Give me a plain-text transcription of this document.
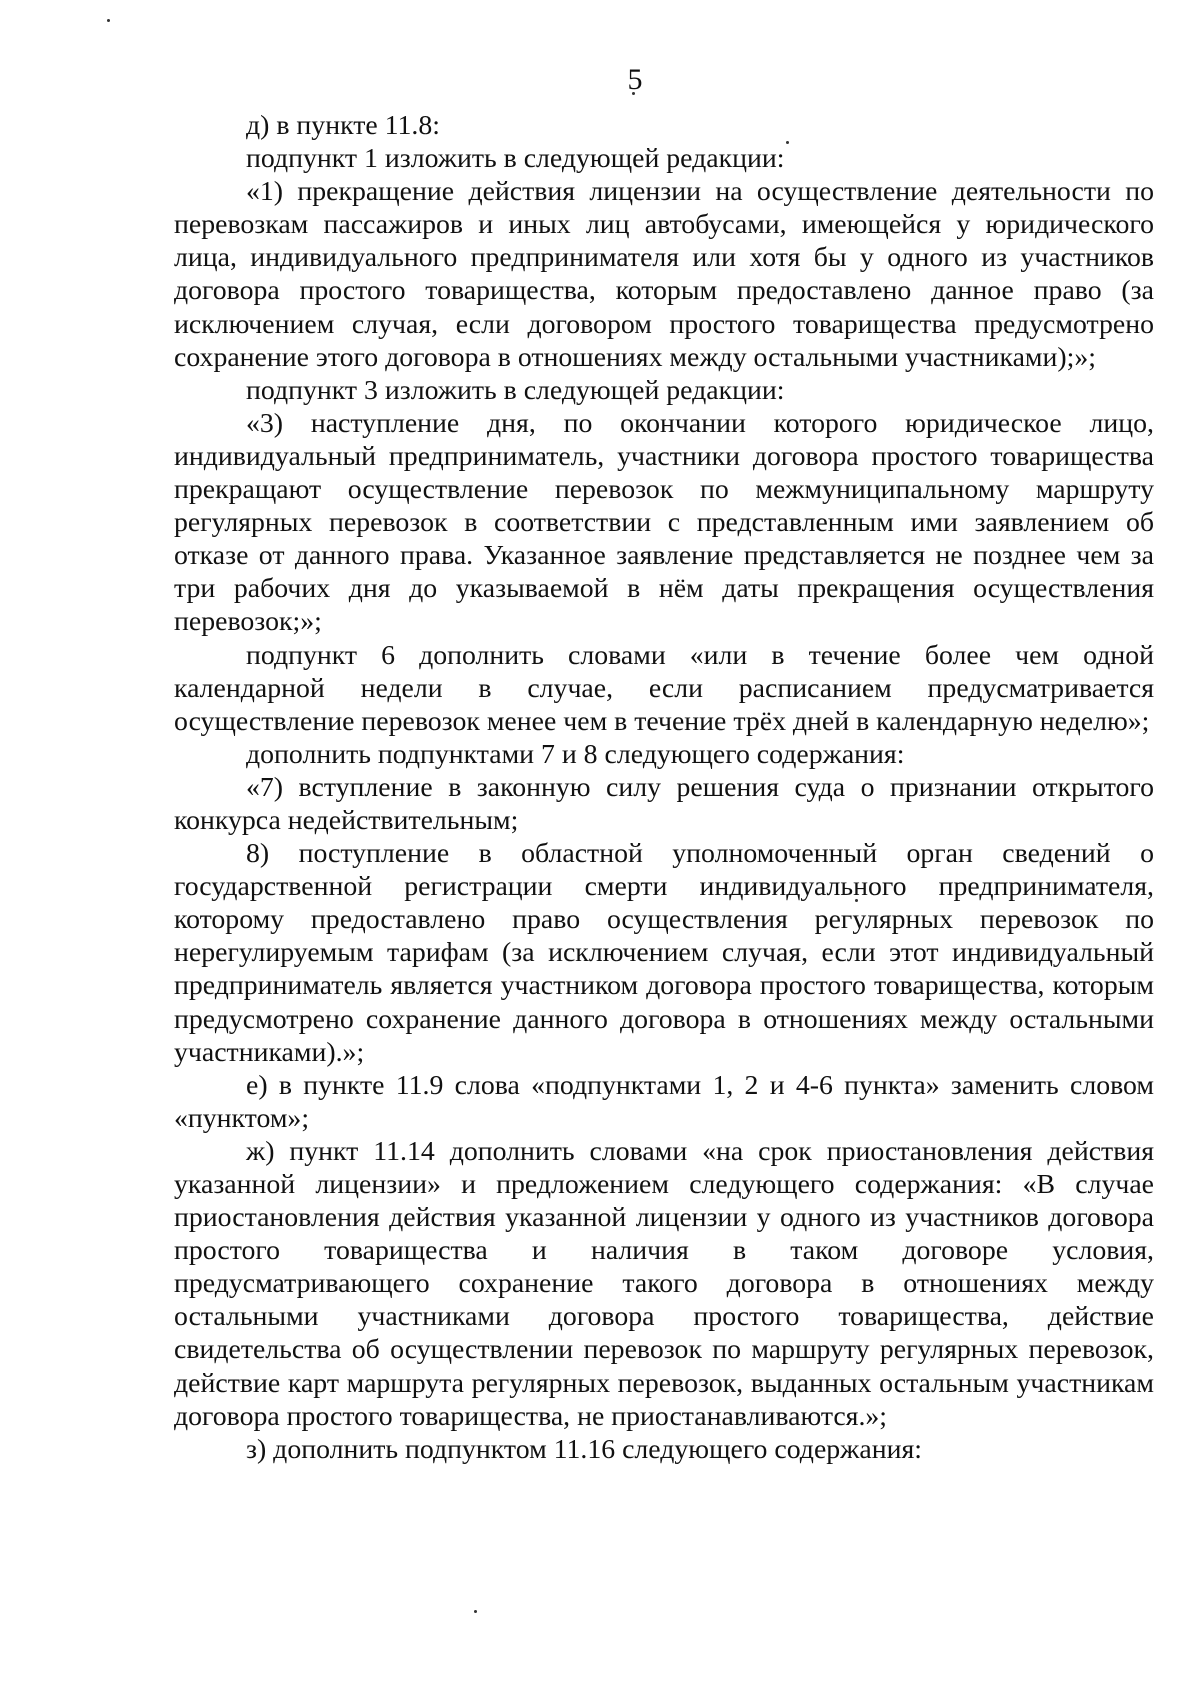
5

д) в пункте 11.8:

подпункт 1 изложить в следующей редакции:

«1) прекращение действия лицензии на осуществление деятельности по перевозкам пассажиров и иных лиц автобусами, имеющейся у юридического лица, индивидуального предпринимателя или хотя бы у одного из участников договора простого товарищества, которым предоставлено данное право (за исключением случая, если договором простого товарищества предусмотрено сохранение этого договора в отношениях между остальными участниками);»;

подпункт 3 изложить в следующей редакции:

«3) наступление дня, по окончании которого юридическое лицо, индивидуальный предприниматель, участники договора простого товарищества прекращают осуществление перевозок по межмуниципальному маршруту регулярных перевозок в соответствии с представленным ими заявлением об отказе от данного права. Указанное заявление представляется не позднее чем за три рабочих дня до указываемой в нём даты прекращения осуществления перевозок;»;

подпункт 6 дополнить словами «или в течение более чем одной календарной недели в случае, если расписанием предусматривается осуществление перевозок менее чем в течение трёх дней в календарную неделю»;

дополнить подпунктами 7 и 8 следующего содержания:

«7) вступление в законную силу решения суда о признании открытого конкурса недействительным;

8) поступление в областной уполномоченный орган сведений о государственной регистрации смерти индивидуального предпринимателя, которому предоставлено право осуществления регулярных перевозок по нерегулируемым тарифам (за исключением случая, если этот индивидуальный предприниматель является участником договора простого товарищества, которым предусмотрено сохранение данного договора в отношениях между остальными участниками).»;

е) в пункте 11.9 слова «подпунктами 1, 2 и 4-6 пункта» заменить словом «пунктом»;

ж) пункт 11.14 дополнить словами «на срок приостановления действия указанной лицензии» и предложением следующего содержания: «В случае приостановления действия указанной лицензии у одного из участников договора простого товарищества и наличия в таком договоре условия, предусматривающего сохранение такого договора в отношениях между остальными участниками договора простого товарищества, действие свидетельства об осуществлении перевозок по маршруту регулярных перевозок, действие карт маршрута регулярных перевозок, выданных остальным участникам договора простого товарищества, не приостанавливаются.»;

з) дополнить подпунктом 11.16 следующего содержания:
